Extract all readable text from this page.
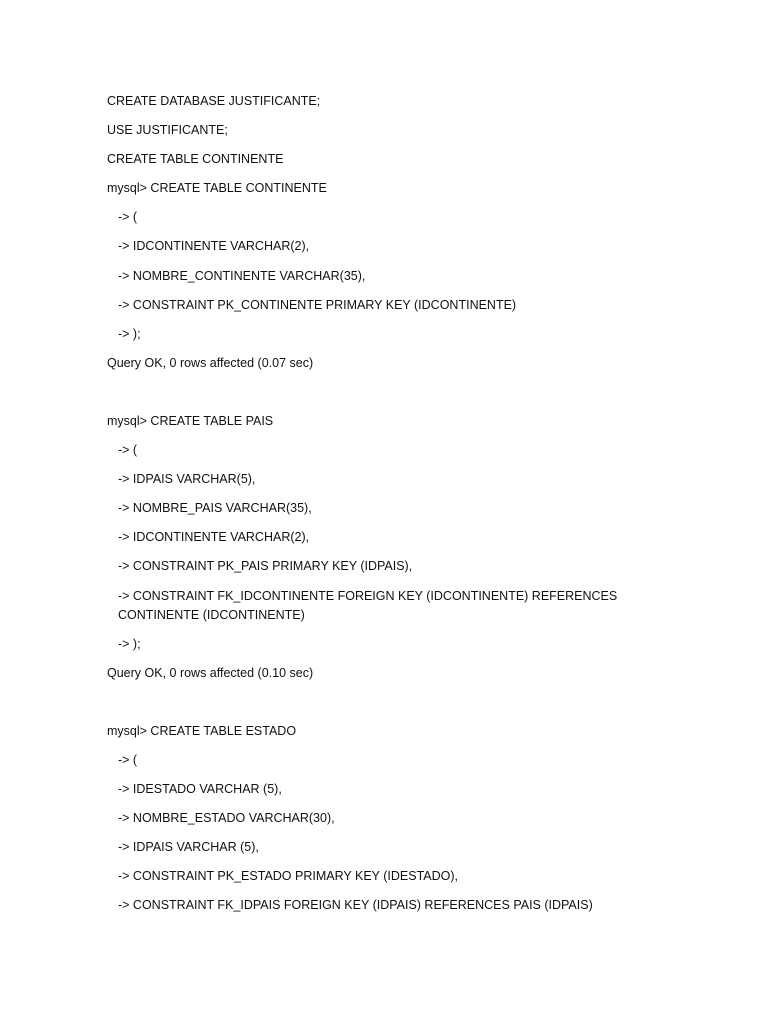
CREATE DATABASE JUSTIFICANTE;
USE JUSTIFICANTE;
CREATE TABLE CONTINENTE
mysql> CREATE TABLE CONTINENTE
-> (
-> IDCONTINENTE VARCHAR(2),
-> NOMBRE_CONTINENTE VARCHAR(35),
-> CONSTRAINT PK_CONTINENTE PRIMARY KEY (IDCONTINENTE)
-> );
Query OK, 0 rows affected (0.07 sec)
mysql> CREATE TABLE PAIS
-> (
-> IDPAIS VARCHAR(5),
-> NOMBRE_PAIS VARCHAR(35),
-> IDCONTINENTE VARCHAR(2),
-> CONSTRAINT PK_PAIS PRIMARY KEY (IDPAIS),
-> CONSTRAINT FK_IDCONTINENTE FOREIGN KEY (IDCONTINENTE) REFERENCES CONTINENTE (IDCONTINENTE)
-> );
Query OK, 0 rows affected (0.10 sec)
mysql> CREATE TABLE ESTADO
-> (
-> IDESTADO VARCHAR (5),
-> NOMBRE_ESTADO VARCHAR(30),
-> IDPAIS VARCHAR (5),
-> CONSTRAINT PK_ESTADO PRIMARY KEY (IDESTADO),
-> CONSTRAINT FK_IDPAIS FOREIGN KEY (IDPAIS) REFERENCES PAIS (IDPAIS)
